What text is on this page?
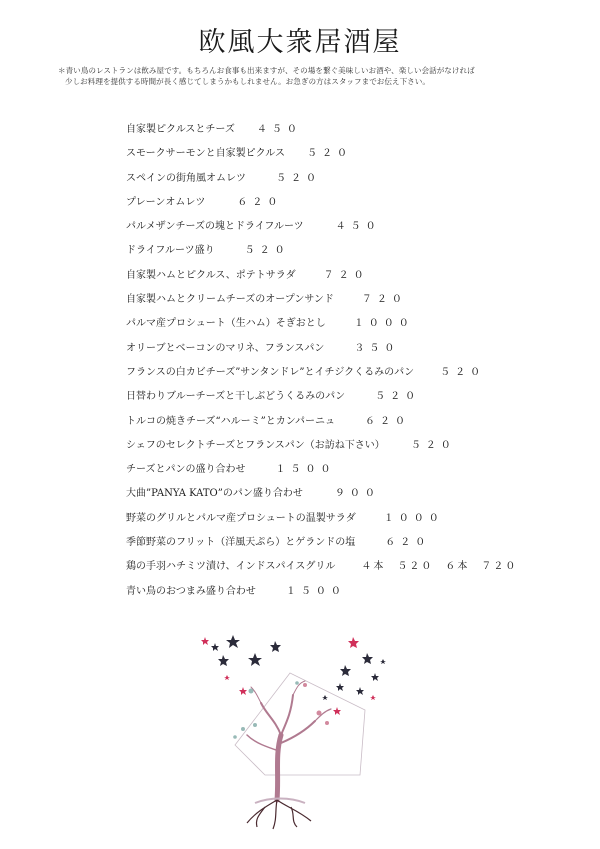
欧風大衆居酒屋
＊青い鳥のレストランは飲み屋です。もちろんお食事も出来ますが、その場を繋ぐ美味しいお酒や、楽しい会話がなければ
少しお料理を提供する時間が長く感じてしまうかもしれません。お急ぎの方はスタッフまでお伝え下さい。
自家製ピクルスとチーズ ４５０
スモークサーモンと自家製ピクルス ５２０
スペインの街角風オムレツ	５２０
プレーンオムレツ	６２０
パルメザンチーズの塊とドライフルーツ	４５０
ドライフルーツ盛り	５２０
自家製ハムとピクルス、ポテトサラダ	７２０
自家製ハムとクリームチーズのオープンサンド	７２０
パルマ産プロシュート（生ハム）そぎおとし	１０００
オリーブとベーコンのマリネ、フランスパン	３５０
フランスの白カビチーズ”サンタンドレ”とイチジクくるみのパン	５２０
日替わりブルーチーズと干しぶどうくるみのパン	５２０
トルコの焼きチーズ“ハルーミ”とカンパーニュ	６２０
シェフのセレクトチーズとフランスパン（お訪ね下さい）	５２０
チーズとパンの盛り合わせ	１５００
大曲”PANYA KATO”のパン盛り合わせ	９００
野菜のグリルとパルマ産プロシュートの温製サラダ	１０００
季節野菜のフリット（洋風天ぷら）とゲランドの塩	６２０
鶏の手羽ハチミツ漬け、インドスパイスグリル	４本　５２０　６本　７２０
青い鳥のおつまみ盛り合わせ	１５００
